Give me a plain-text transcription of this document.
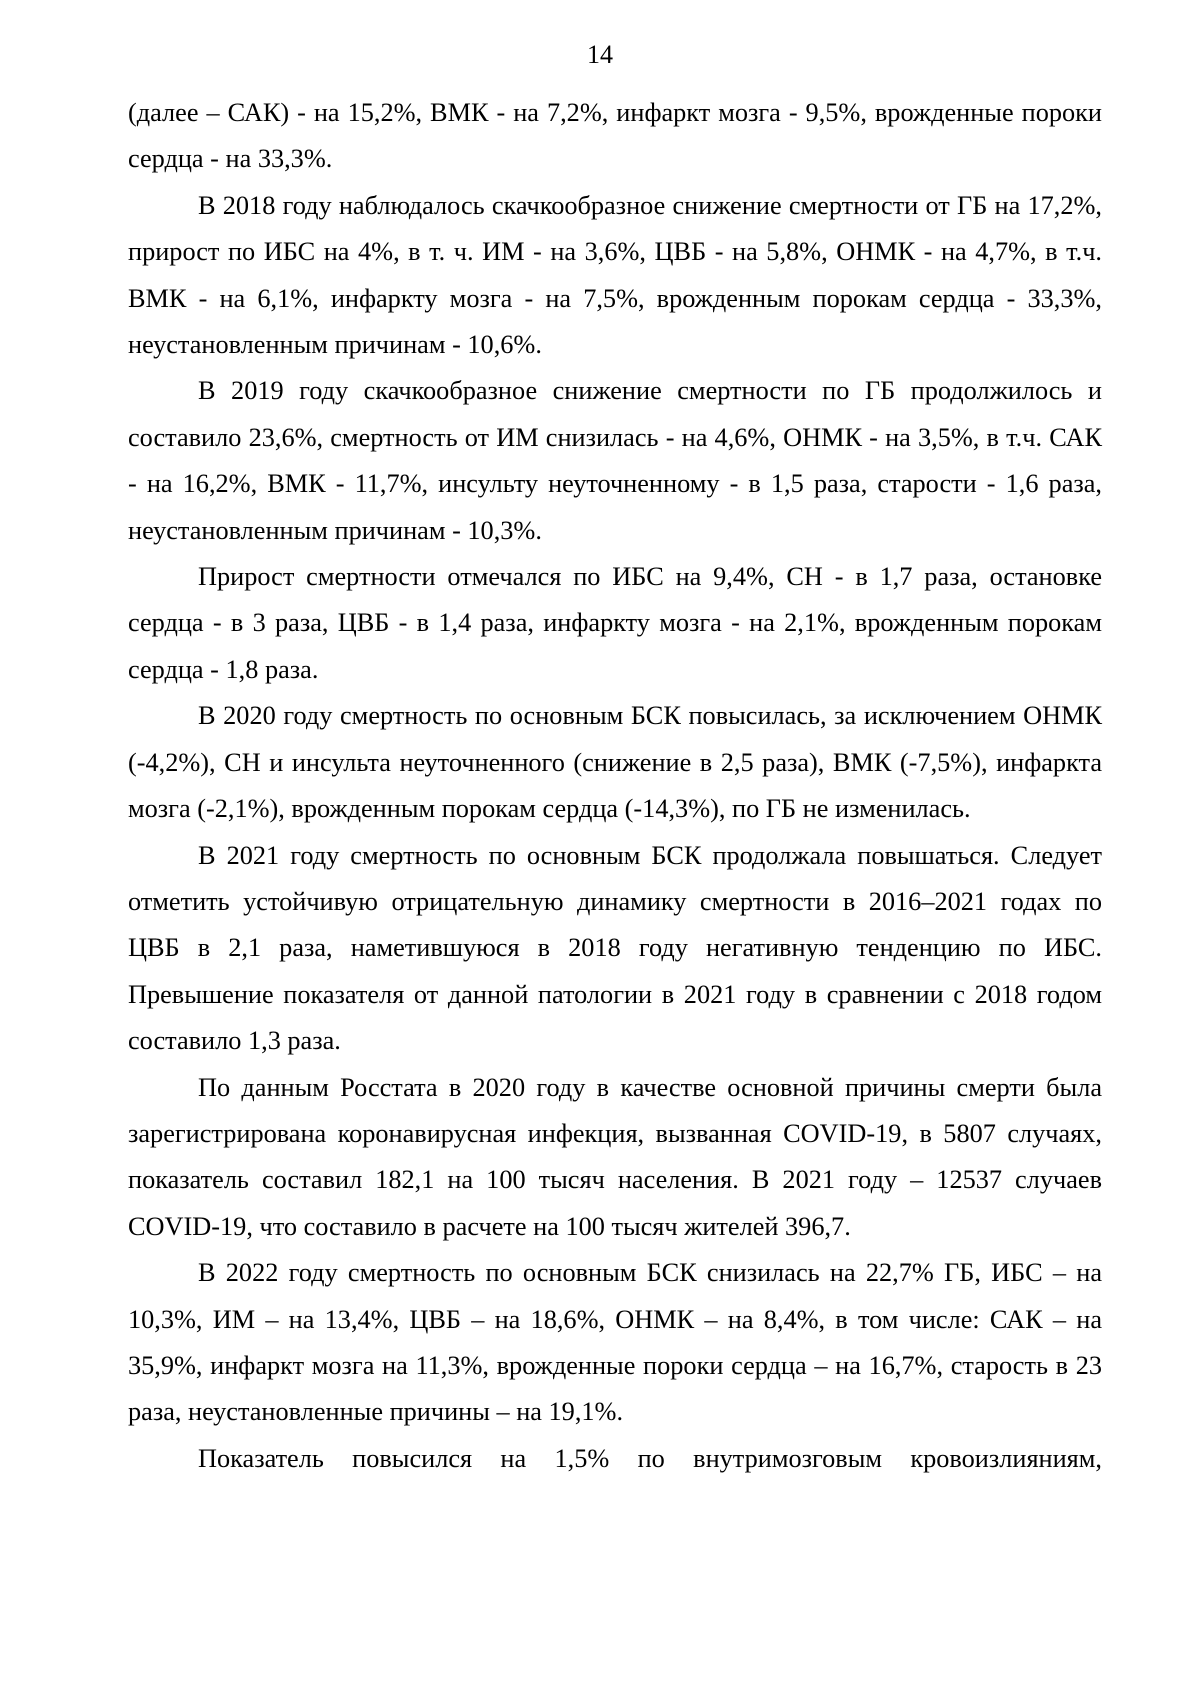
14

(далее – САК) - на 15,2%, ВМК - на 7,2%, инфаркт мозга - 9,5%, врожденные пороки сердца - на 33,3%.

В 2018 году наблюдалось скачкообразное снижение смертности от ГБ на 17,2%, прирост по ИБС на 4%, в т. ч. ИМ - на 3,6%, ЦВБ - на 5,8%, ОНМК - на 4,7%, в т.ч. ВМК - на 6,1%, инфаркту мозга - на 7,5%, врожденным порокам сердца - 33,3%, неустановленным причинам - 10,6%.

В 2019 году скачкообразное снижение смертности по ГБ продолжилось и составило 23,6%, смертность от ИМ снизилась - на 4,6%, ОНМК - на 3,5%, в т.ч. САК - на 16,2%, ВМК - 11,7%, инсульту неуточненному - в 1,5 раза, старости - 1,6 раза, неустановленным причинам - 10,3%.

Прирост смертности отмечался по ИБС на 9,4%, СН - в 1,7 раза, остановке сердца - в 3 раза, ЦВБ - в 1,4 раза, инфаркту мозга - на 2,1%, врожденным порокам сердца - 1,8 раза.

В 2020 году смертность по основным БСК повысилась, за исключением ОНМК (-4,2%), СН и инсульта неуточненного (снижение в 2,5 раза), ВМК (-7,5%), инфаркта мозга (-2,1%), врожденным порокам сердца (-14,3%), по ГБ не изменилась.

В 2021 году смертность по основным БСК продолжала повышаться. Следует отметить устойчивую отрицательную динамику смертности в 2016–2021 годах по ЦВБ в 2,1 раза, наметившуюся в 2018 году негативную тенденцию по ИБС. Превышение показателя от данной патологии в 2021 году в сравнении с 2018 годом составило 1,3 раза.

По данным Росстата в 2020 году в качестве основной причины смерти была зарегистрирована коронавирусная инфекция, вызванная COVID-19, в 5807 случаях, показатель составил 182,1 на 100 тысяч населения. В 2021 году – 12537 случаев COVID-19, что составило в расчете на 100 тысяч жителей 396,7.

В 2022 году смертность по основным БСК снизилась на 22,7% ГБ, ИБС – на 10,3%, ИМ – на 13,4%, ЦВБ – на 18,6%, ОНМК – на 8,4%, в том числе: САК – на 35,9%, инфаркт мозга на 11,3%, врожденные пороки сердца – на 16,7%, старость в 23 раза, неустановленные причины – на 19,1%.

Показатель повысился на 1,5% по внутримозговым кровоизлияниям,
